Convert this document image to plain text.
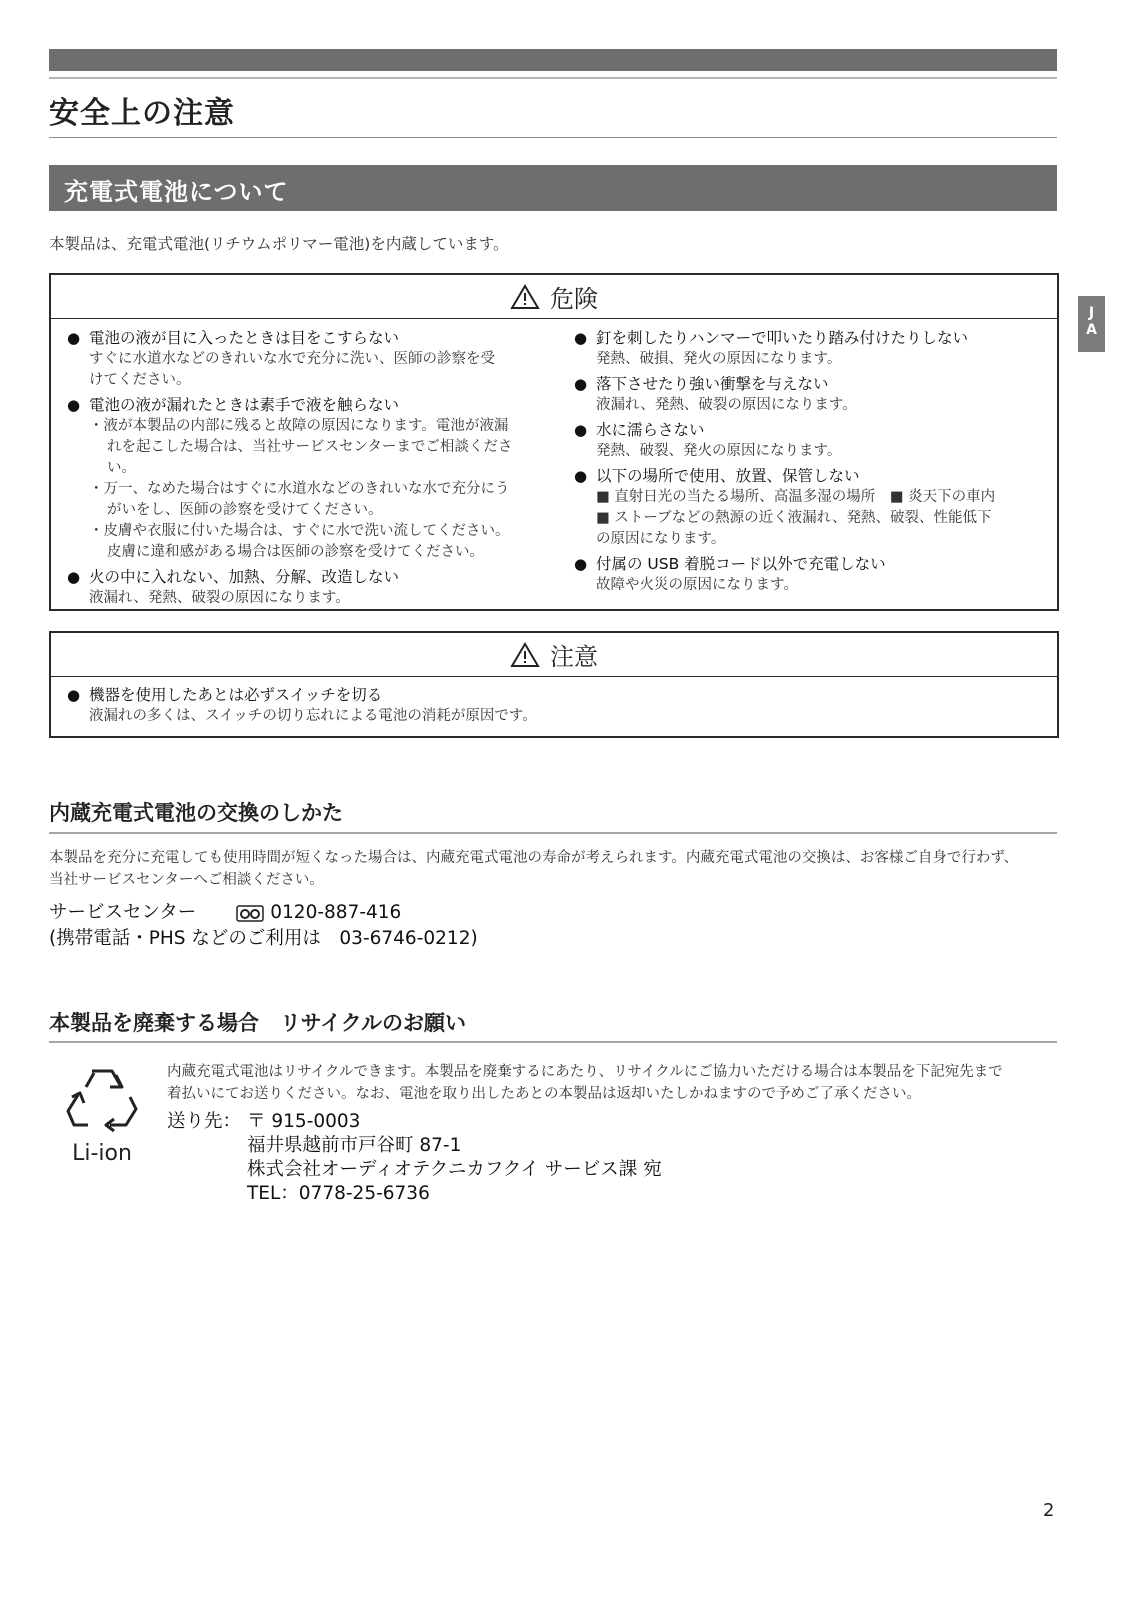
安全上の注意
充電式電池について
本製品は、充電式電池(リチウムポリマー電池)を内蔵しています。
J
A
危険
● 電池の液が目に入ったときは目をこすらない
すぐに水道水などのきれいな水で充分に洗い、医師の診察を受
けてください。
● 電池の液が漏れたときは素手で液を触らない
・液が本製品の内部に残ると故障の原因になります。電池が液漏
れを起こした場合は、当社サービスセンターまでご相談ください。
・万一、なめた場合はすぐに水道水などのきれいな水で充分にう
がいをし、医師の診察を受けてください。
・皮膚や衣服に付いた場合は、すぐに水で洗い流してください。
皮膚に違和感がある場合は医師の診察を受けてください。
● 火の中に入れない、加熱、分解、改造しない
液漏れ、発熱、破裂の原因になります。
● 釘を刺したりハンマーで叩いたり踏み付けたりしない
発熱、破損、発火の原因になります。
● 落下させたり強い衝撃を与えない
液漏れ、発熱、破裂の原因になります。
● 水に濡らさない
発熱、破裂、発火の原因になります。
● 以下の場所で使用、放置、保管しない
■ 直射日光の当たる場所、高温多湿の場所　■ 炎天下の車内
■ ストーブなどの熱源の近く液漏れ、発熱、破裂、性能低下
の原因になります。
● 付属の USB 着脱コード以外で充電しない
故障や火災の原因になります。
注意
● 機器を使用したあとは必ずスイッチを切る
液漏れの多くは、スイッチの切り忘れによる電池の消耗が原因です。
内蔵充電式電池の交換のしかた
本製品を充分に充電しても使用時間が短くなった場合は、内蔵充電式電池の寿命が考えられます。内蔵充電式電池の交換は、お客様ご自身で行わず、
当社サービスセンターへご相談ください。
サービスセンター	0120-887-416
(携帯電話・PHS などのご利用は　03-6746-0212)
本製品を廃棄する場合　リサイクルのお願い
Li-ion
内蔵充電式電池はリサイクルできます。本製品を廃棄するにあたり、リサイクルにご協力いただける場合は本製品を下記宛先まで
着払いにてお送りください。なお、電池を取り出したあとの本製品は返却いたしかねますので予めご了承ください。
送り先： 〒 915-0003
福井県越前市戸谷町 87-1
株式会社オーディオテクニカフクイ サービス課 宛
TEL：0778-25-6736
2
